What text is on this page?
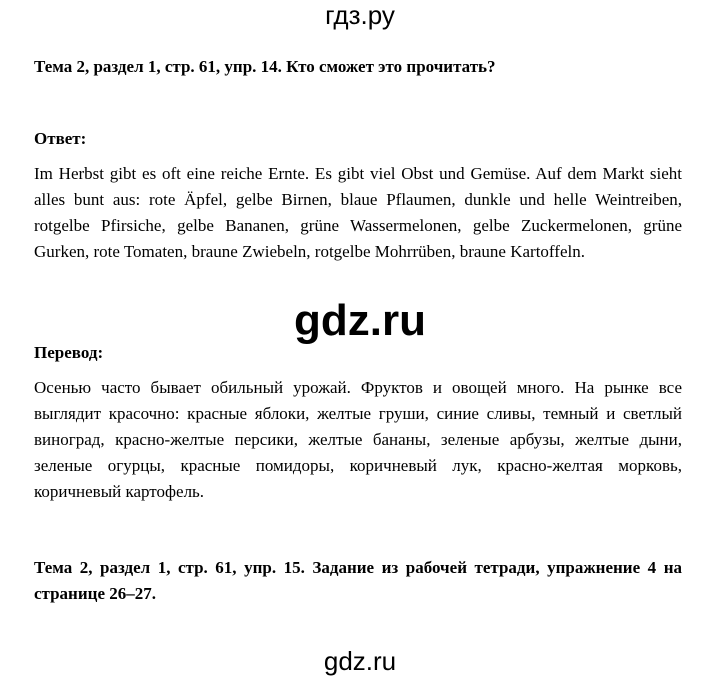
гдз.ру
Тема 2, раздел 1, стр. 61, упр. 14. Кто сможет это прочитать?
Ответ:
Im Herbst gibt es oft eine reiche Ernte. Es gibt viel Obst und Gemüse. Auf dem Markt sieht alles bunt aus: rote Äpfel, gelbe Birnen, blaue Pflaumen, dunkle und helle Weintreiben, rotgelbe Pfirsiche, gelbe Bananen, grüne Wassermelonen, gelbe Zuckermelonen, grüne Gurken, rote Tomaten, braune Zwiebeln, rotgelbe Mohrrüben, braune Kartoffeln.
gdz.ru
Перевод:
Осенью часто бывает обильный урожай. Фруктов и овощей много. На рынке все выглядит красочно: красные яблоки, желтые груши, синие сливы, темный и светлый виноград, красно-желтые персики, желтые бананы, зеленые арбузы, желтые дыни, зеленые огурцы, красные помидоры, коричневый лук, красно-желтая морковь, коричневый картофель.
Тема 2, раздел 1, стр. 61, упр. 15. Задание из рабочей тетради, упражнение 4 на странице 26–27.
gdz.ru
